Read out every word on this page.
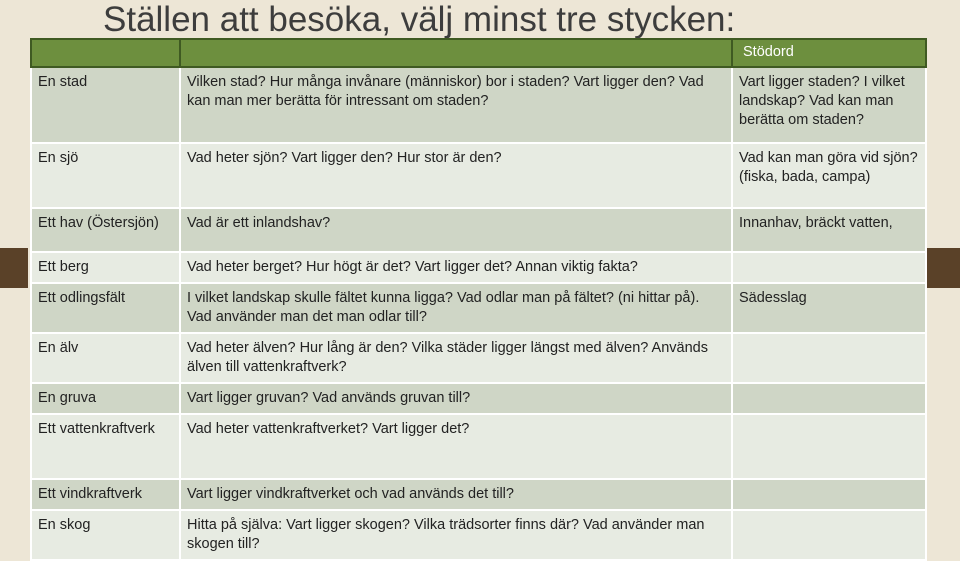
Ställen att besöka, välj minst tre stycken:
		Stödord
En stad	Vilken stad? Hur många invånare (människor) bor i staden? Vart ligger den? Vad kan man mer berätta för intressant om staden?	Vart ligger staden? I vilket landskap? Vad kan man berätta om staden?
En sjö	Vad heter sjön? Vart ligger den? Hur stor är den?	Vad kan man göra vid sjön? (fiska, bada, campa)
Ett hav (Östersjön)	Vad är ett inlandshav?	Innanhav, bräckt vatten,
Ett berg	Vad heter berget? Hur högt är det? Vart ligger det? Annan viktig fakta?	
Ett odlingsfält	I vilket landskap skulle fältet kunna ligga? Vad odlar man på fältet? (ni hittar på). Vad använder man det man odlar till?	Sädesslag
En älv	Vad heter älven? Hur lång är den? Vilka städer ligger längst med älven? Används älven till vattenkraftverk?	
En gruva	Vart ligger gruvan? Vad används gruvan till?	
Ett vattenkraftverk	Vad heter vattenkraftverket? Vart ligger det?	
Ett vindkraftverk	Vart ligger vindkraftverket och vad används det till?	
En skog	Hitta på själva: Vart ligger skogen? Vilka trädsorter finns där? Vad använder man skogen till?	
